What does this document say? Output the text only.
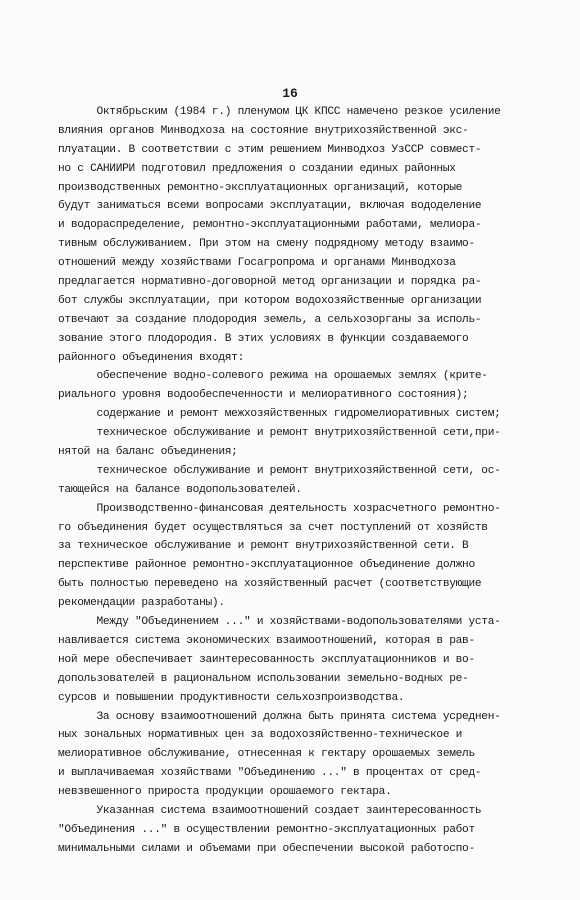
16
Октябрьским (1984 г.) пленумом ЦК КПСС намечено резкое усиление
влияния органов Минводхоза на состояние внутрихозяйственной экс-
плуатации. В соответствии с этим решением Минводхоз УзССР совмест-
но с САНИИРИ подготовил предложения о создании единых районных
производственных ремонтно-эксплуатационных организаций, которые
будут заниматься всеми вопросами эксплуатации, включая вододеление
и водораспределение, ремонтно-эксплуатационными работами, мелиора-
тивным обслуживанием. При этом на смену подрядному методу взаимо-
отношений между хозяйствами Госагропрома и органами Минводхоза
предлагается нормативно-договорной метод организации и порядка ра-
бот службы эксплуатации, при котором водохозяйственные организации
отвечают за создание плодородия земель, а сельхозорганы за исполь-
зование этого плодородия. В этих условиях в функции создаваемого
районного объединения входят:
обеспечение водно-солевого режима на орошаемых землях (крите-
риального уровня водообеспеченности и мелиоративного состояния);
содержание и ремонт межхозяйственных гидромелиоративных систем;
техническое обслуживание и ремонт внутрихозяйственной сети,при-
нятой на баланс объединения;
техническое обслуживание и ремонт внутрихозяйственной сети, ос-
тающейся на балансе водопользователей.
Производственно-финансовая деятельность хозрасчетного ремонтно-
го объединения будет осуществляться за счет поступлений от хозяйств
за техническое обслуживание и ремонт внутрихозяйственной сети. В
перспективе районное ремонтно-эксплуатационное объединение должно
быть полностью переведено на хозяйственный расчет (соответствующие
рекомендации разработаны).
Между "Объединением ..." и хозяйствами-водопользователями уста-
навливается система экономических взаимоотношений, которая в рав-
ной мере обеспечивает заинтересованность эксплуатационников и во-
допользователей в рациональном использовании земельно-водных ре-
сурсов и повышении продуктивности сельхозпроизводства.
За основу взаимоотношений должна быть принята система усреднен-
ных зональных нормативных цен за водохозяйственно-техническое и
мелиоративное обслуживание, отнесенная к гектару орошаемых земель
и выплачиваемая хозяйствами "Объединению ..." в процентах от сред-
невзвешенного прироста продукции орошаемого гектара.
Указанная система взаимоотношений создает заинтересованность
"Объединения ..." в осуществлении ремонтно-эксплуатационных работ
минимальными силами и объемами при обеспечении высокой работоспо-
